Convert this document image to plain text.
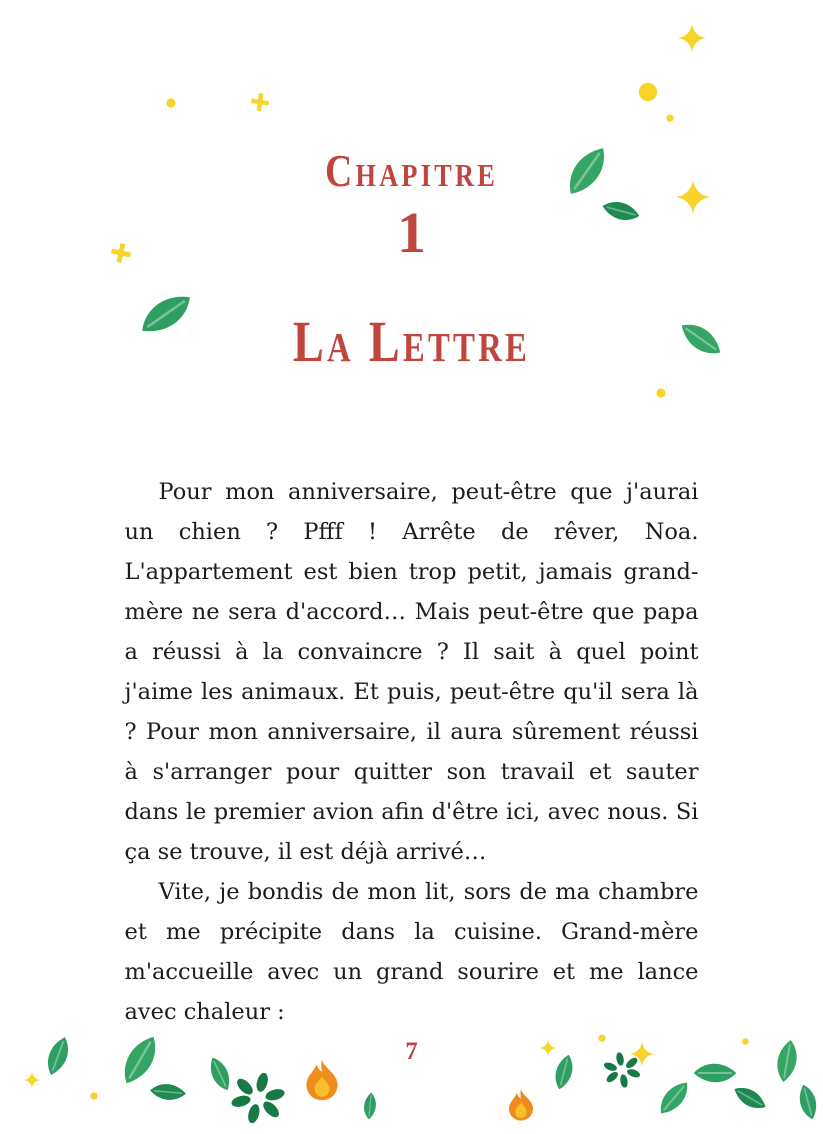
Chapitre
1
La Lettre

Pour mon anniversaire, peut-être que j'aurai un chien ? Pfff ! Arrête de rêver, Noa. L'appartement est bien trop petit, jamais grand-mère ne sera d'accord… Mais peut-être que papa a réussi à la convaincre ? Il sait à quel point j'aime les animaux. Et puis, peut-être qu'il sera là ? Pour mon anniversaire, il aura sûrement réussi à s'arranger pour quitter son travail et sauter dans le premier avion afin d'être ici, avec nous. Si ça se trouve, il est déjà arrivé…

Vite, je bondis de mon lit, sors de ma chambre et me précipite dans la cuisine. Grand-mère m'accueille avec un grand sourire et me lance avec chaleur :

7
